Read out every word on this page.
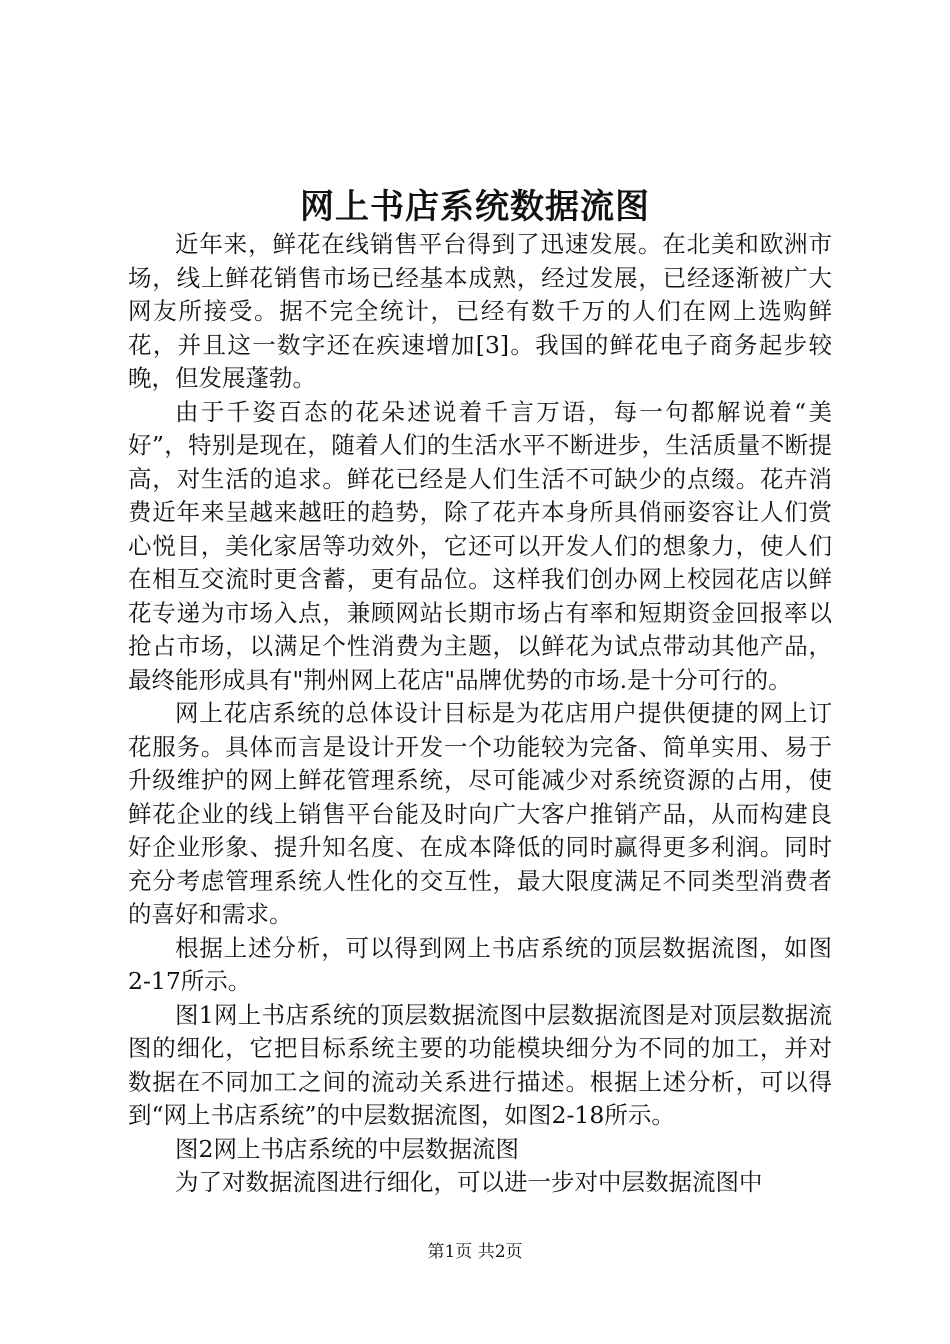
网上书店系统数据流图

近年来，鲜花在线销售平台得到了迅速发展。在北美和欧洲市场，线上鲜花销售市场已经基本成熟，经过发展，已经逐渐被广大网友所接受。据不完全统计，已经有数千万的人们在网上选购鲜花，并且这一数字还在疾速增加[3]。我国的鲜花电子商务起步较晚，但发展蓬勃。

由于千姿百态的花朵述说着千言万语，每一句都解说着“美好”，特别是现在，随着人们的生活水平不断进步，生活质量不断提高，对生活的追求。鲜花已经是人们生活不可缺少的点缀。花卉消费近年来呈越来越旺的趋势，除了花卉本身所具俏丽姿容让人们赏心悦目，美化家居等功效外，它还可以开发人们的想象力，使人们在相互交流时更含蓄，更有品位。这样我们创办网上校园花店以鲜花专递为市场入点，兼顾网站长期市场占有率和短期资金回报率以抢占市场，以满足个性消费为主题，以鲜花为试点带动其他产品，最终能形成具有"荆州网上花店"品牌优势的市场.是十分可行的。

网上花店系统的总体设计目标是为花店用户提供便捷的网上订花服务。具体而言是设计开发一个功能较为完备、简单实用、易于升级维护的网上鲜花管理系统，尽可能减少对系统资源的占用，使鲜花企业的线上销售平台能及时向广大客户推销产品，从而构建良好企业形象、提升知名度、在成本降低的同时赢得更多利润。同时充分考虑管理系统人性化的交互性，最大限度满足不同类型消费者的喜好和需求。

根据上述分析，可以得到网上书店系统的顶层数据流图，如图2-17所示。

图1网上书店系统的顶层数据流图中层数据流图是对顶层数据流图的细化，它把目标系统主要的功能模块细分为不同的加工，并对数据在不同加工之间的流动关系进行描述。根据上述分析，可以得到“网上书店系统”的中层数据流图，如图2-18所示。

图2网上书店系统的中层数据流图

为了对数据流图进行细化，可以进一步对中层数据流图中

第1页 共2页
